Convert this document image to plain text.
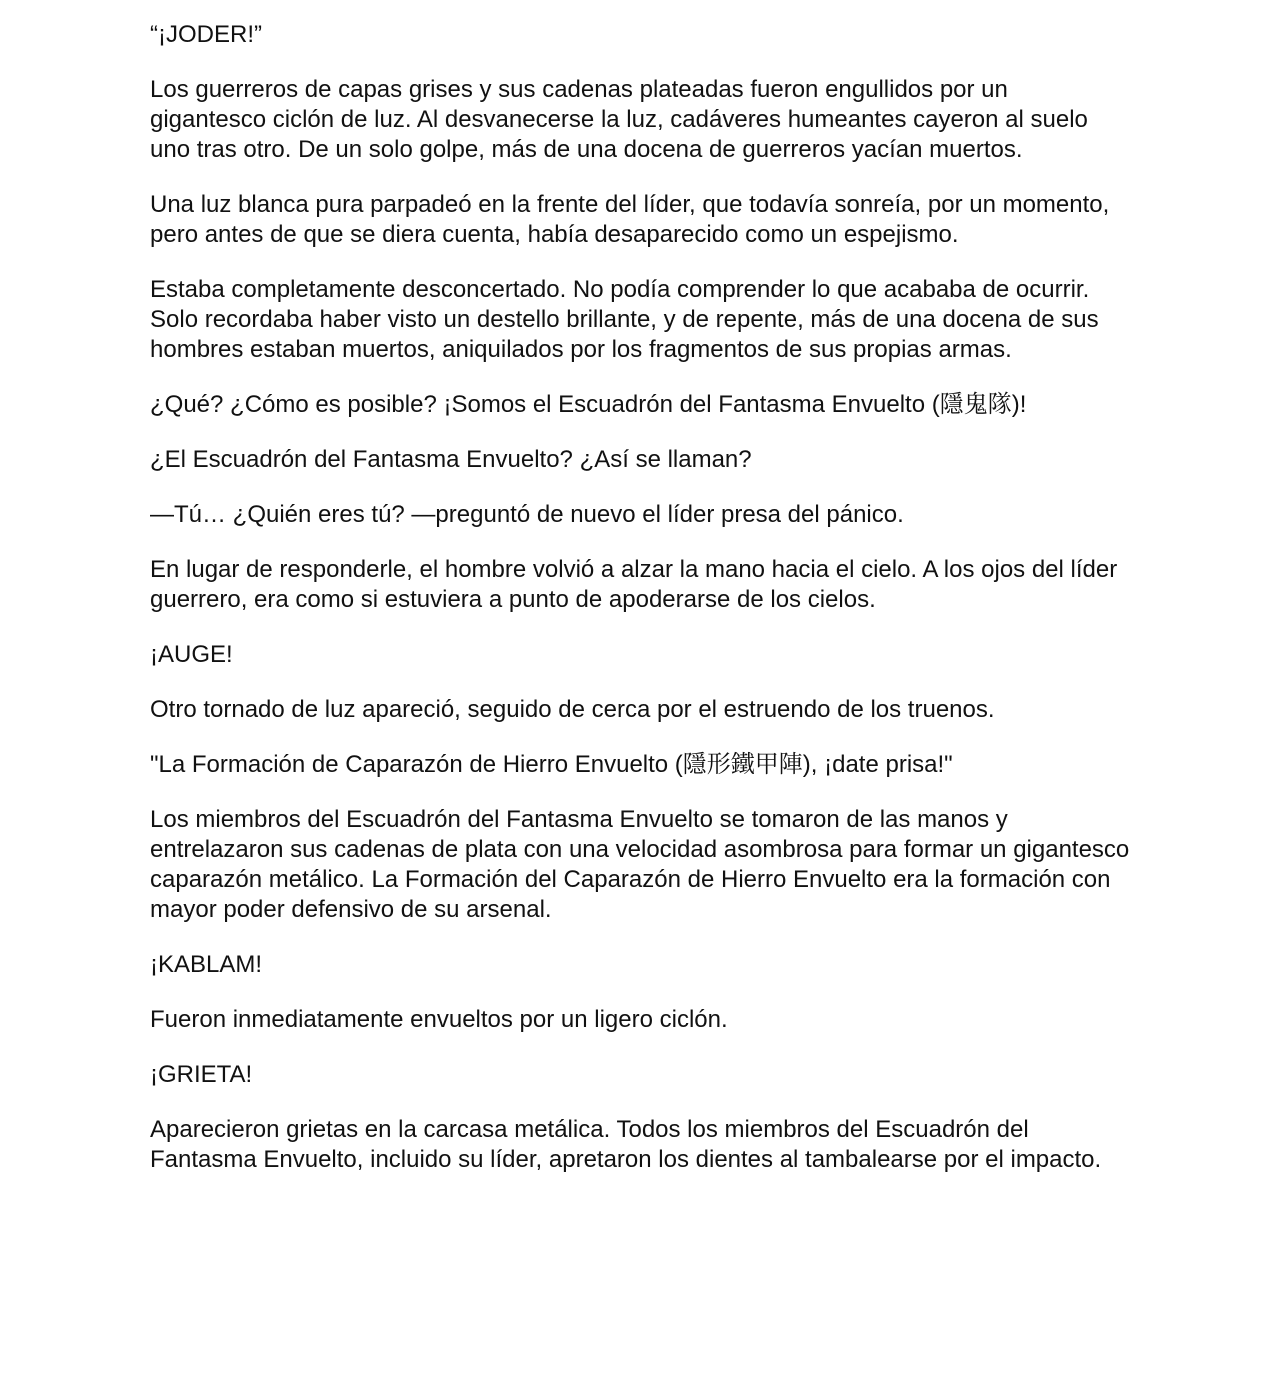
“¡JODER!”

Los guerreros de capas grises y sus cadenas plateadas fueron engullidos por un gigantesco ciclón de luz. Al desvanecerse la luz, cadáveres humeantes cayeron al suelo uno tras otro. De un solo golpe, más de una docena de guerreros yacían muertos.

Una luz blanca pura parpadeó en la frente del líder, que todavía sonreía, por un momento, pero antes de que se diera cuenta, había desaparecido como un espejismo.

Estaba completamente desconcertado. No podía comprender lo que acababa de ocurrir. Solo recordaba haber visto un destello brillante, y de repente, más de una docena de sus hombres estaban muertos, aniquilados por los fragmentos de sus propias armas.

¿Qué? ¿Cómo es posible? ¡Somos el Escuadrón del Fantasma Envuelto (隱鬼隊)!

¿El Escuadrón del Fantasma Envuelto? ¿Así se llaman?

—Tú… ¿Quién eres tú? —preguntó de nuevo el líder presa del pánico.

En lugar de responderle, el hombre volvió a alzar la mano hacia el cielo. A los ojos del líder guerrero, era como si estuviera a punto de apoderarse de los cielos.

¡AUGE!

Otro tornado de luz apareció, seguido de cerca por el estruendo de los truenos.

"La Formación de Caparazón de Hierro Envuelto (隱形鐵甲陣), ¡date prisa!"

Los miembros del Escuadrón del Fantasma Envuelto se tomaron de las manos y entrelazaron sus cadenas de plata con una velocidad asombrosa para formar un gigantesco caparazón metálico. La Formación del Caparazón de Hierro Envuelto era la formación con mayor poder defensivo de su arsenal.

¡KABLAM!

Fueron inmediatamente envueltos por un ligero ciclón.

¡GRIETA!

Aparecieron grietas en la carcasa metálica. Todos los miembros del Escuadrón del Fantasma Envuelto, incluido su líder, apretaron los dientes al tambalearse por el impacto.
